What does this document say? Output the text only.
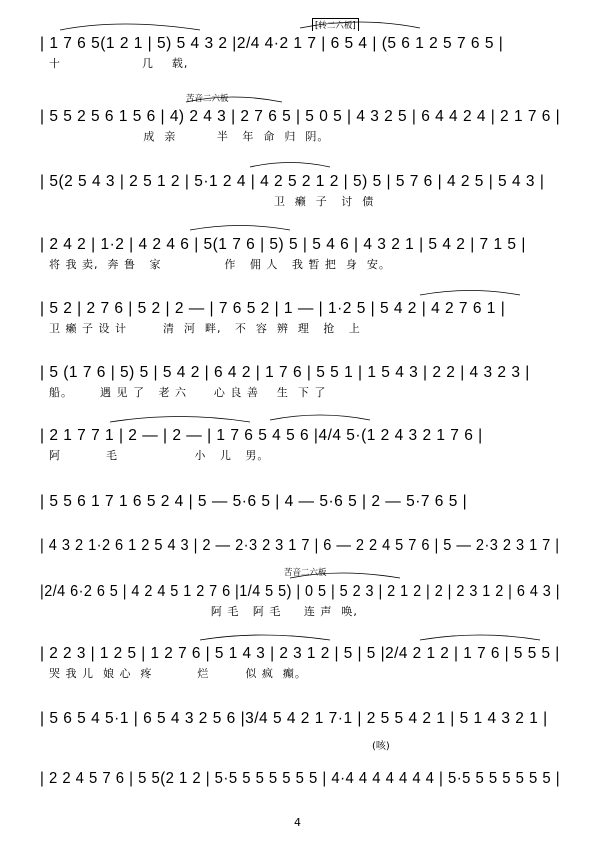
| 1 7 6 5(1 2 1 | 5) 5 4 3 2 |2/4 4·2 1 7 | 6 5 4 | (5 6 1 2 5 7 6 5 |
十                  几    载,
| 5 5 2 5 6 1 5 6 | 4) 2 4 3 | 2 7 6 5 | 5 0 5 | 4 3 2 5 | 6 4 4 2 4 | 2 1 7 6 |
成  亲         半   年  命  归  阴。
| 5(2 5 4 3 | 2 5 1 2 | 5·1 2 4 | 4 2 5 2 1 2 | 5) 5 | 5 7 6 | 4 2 5 | 5 4 3 |
卫  癞  子   讨  债
| 2 4 2 | 1·2 | 4 2 4 6 | 5(1 7 6 | 5) 5 | 5 4 6 | 4 3 2 1 | 5 4 2 | 7 1 5 |
将 我 卖,  奔 鲁   家              作   佣 人   我 暂 把  身  安。
| 5 2 | 2 7 6 | 5 2 | 2 — | 7 6 5 2 | 1 — | 1·2 5 | 5 4 2 | 4 2 7 6 1 |
卫 癞 子 设 计        清  河  畔,   不  容  辨  理   抢   上
| 5 (1 7 6 | 5) 5 | 5 4 2 | 6 4 2 | 1 7 6 | 5 5 1 | 1 5 4 3 | 2 2 | 4 3 2 3 |
船。      遇 见 了   老 六      心 良 善    生  下 了
| 2 1 7 7 1 | 2 — | 2 — | 1 7 6 5 4 5 6 |4/4 5·(1 2 4 3 2 1 7 6 |
阿          毛                 小   儿   男。
| 5 5 6 1 7 1 6 5 2 4 | 5 — 5·6 5 | 4 — 5·6 5 | 2 — 5·7 6 5 |
| 4 3 2 1·2 6 1 2 5 4 3 | 2 — 2·3 2 3 1 7 | 6 — 2 2 4 5 7 6 | 5 — 2·3 2 3 1 7 |
|2/4 6·2 6 5 | 4 2 4 5 1 2 7 6 |1/4 5 5) | 0 5 | 5 2 3 | 2 1 2 | 2 | 2 3 1 2 | 6 4 3 |
阿 毛   阿 毛     连 声  唤,
| 2 2 3 | 1 2 5 | 1 2 7 6 | 5 1 4 3 | 2 3 1 2 | 5 | 5 |2/4 2 1 2 | 1 7 6 | 5 5 5 |
哭 我 儿  娘 心  疼          烂        似 疯  癫。
| 5 6 5 4 5·1 | 6 5 4 3 2 5 6 |3/4 5 4 2 1 7·1 | 2 5 5 4 2 1 | 5 1 4 3 2 1 |
| 2 2 4 5 7 6 | 5 5(2 1 2 | 5·5 5 5 5 5 5 5 | 4·4 4 4 4 4 4 4 | 5·5 5 5 5 5 5 5 |
[转二六板]
苦音二六板
苦音二六板
(咳)
4
